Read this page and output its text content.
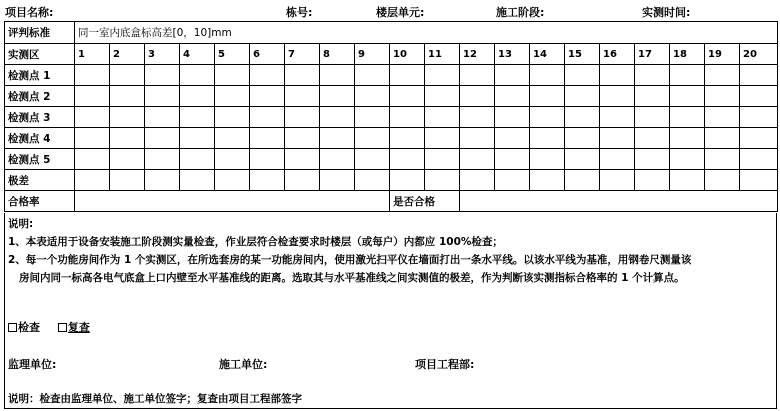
项目名称:	栋号:	楼层单元:	施工阶段:	实测时间:
评判标准	同一室内底盒标高差[0，10]mm																			
实测区	1	2	3	4	5	6	7	8	9	10	11	12	13	14	15	16	17	18	19	20
检测点 1																				
检测点 2																				
检测点 3																				
检测点 4																				
检测点 5																				
极差																				
合格率										是否合格										
说明:
1、本表适用于设备安装施工阶段测实量检查，作业层符合检查要求时楼层（或每户）内都应 100%检查；
2、每一个功能房间作为 1 个实测区，在所选套房的某一功能房间内，使用激光扫平仪在墙面打出一条水平线。以该水平线为基准，用钢卷尺测量该
房间内同一标高各电气底盒上口内壁至水平基准线的距离。选取其与水平基准线之间实测值的极差，作为判断该实测指标合格率的 1 个计算点。
检查	复查
监理单位:	施工单位:	项目工程部:
说明：检查由监理单位、施工单位签字；复查由项目工程部签字
